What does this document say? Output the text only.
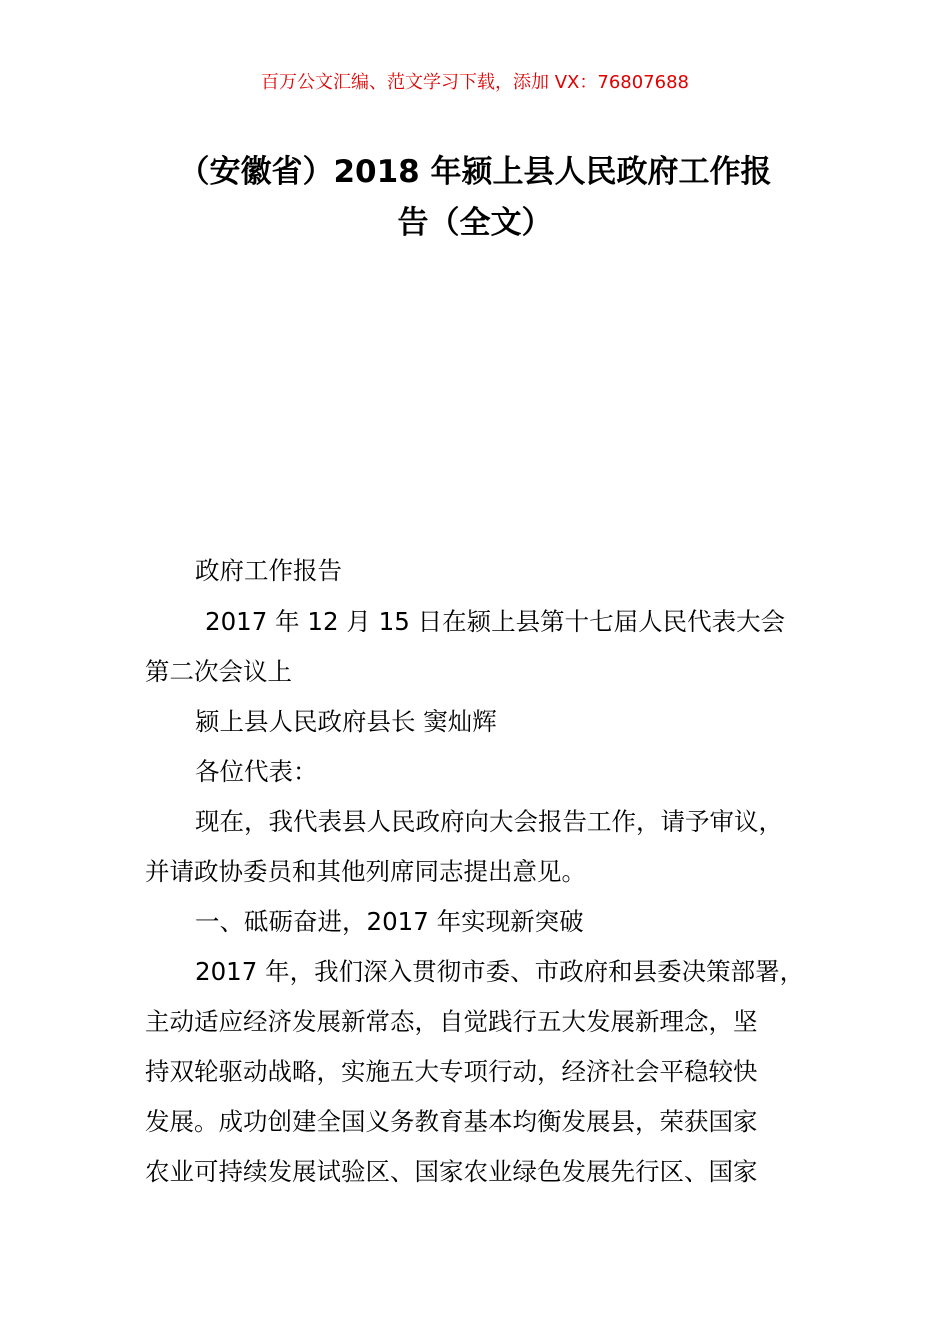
百万公文汇编、范文学习下载，添加 VX：76807688
（安徽省）2018 年颍上县人民政府工作报
告（全文）
政府工作报告
2017 年 12 月 15 日在颍上县第十七届人民代表大会
第二次会议上
颍上县人民政府县长 窦灿辉
各位代表：
现在，我代表县人民政府向大会报告工作，请予审议，
并请政协委员和其他列席同志提出意见。
一、砥砺奋进，2017 年实现新突破
2017 年，我们深入贯彻市委、市政府和县委决策部署，
主动适应经济发展新常态，自觉践行五大发展新理念，坚
持双轮驱动战略，实施五大专项行动，经济社会平稳较快
发展。成功创建全国义务教育基本均衡发展县，荣获国家
农业可持续发展试验区、国家农业绿色发展先行区、国家
